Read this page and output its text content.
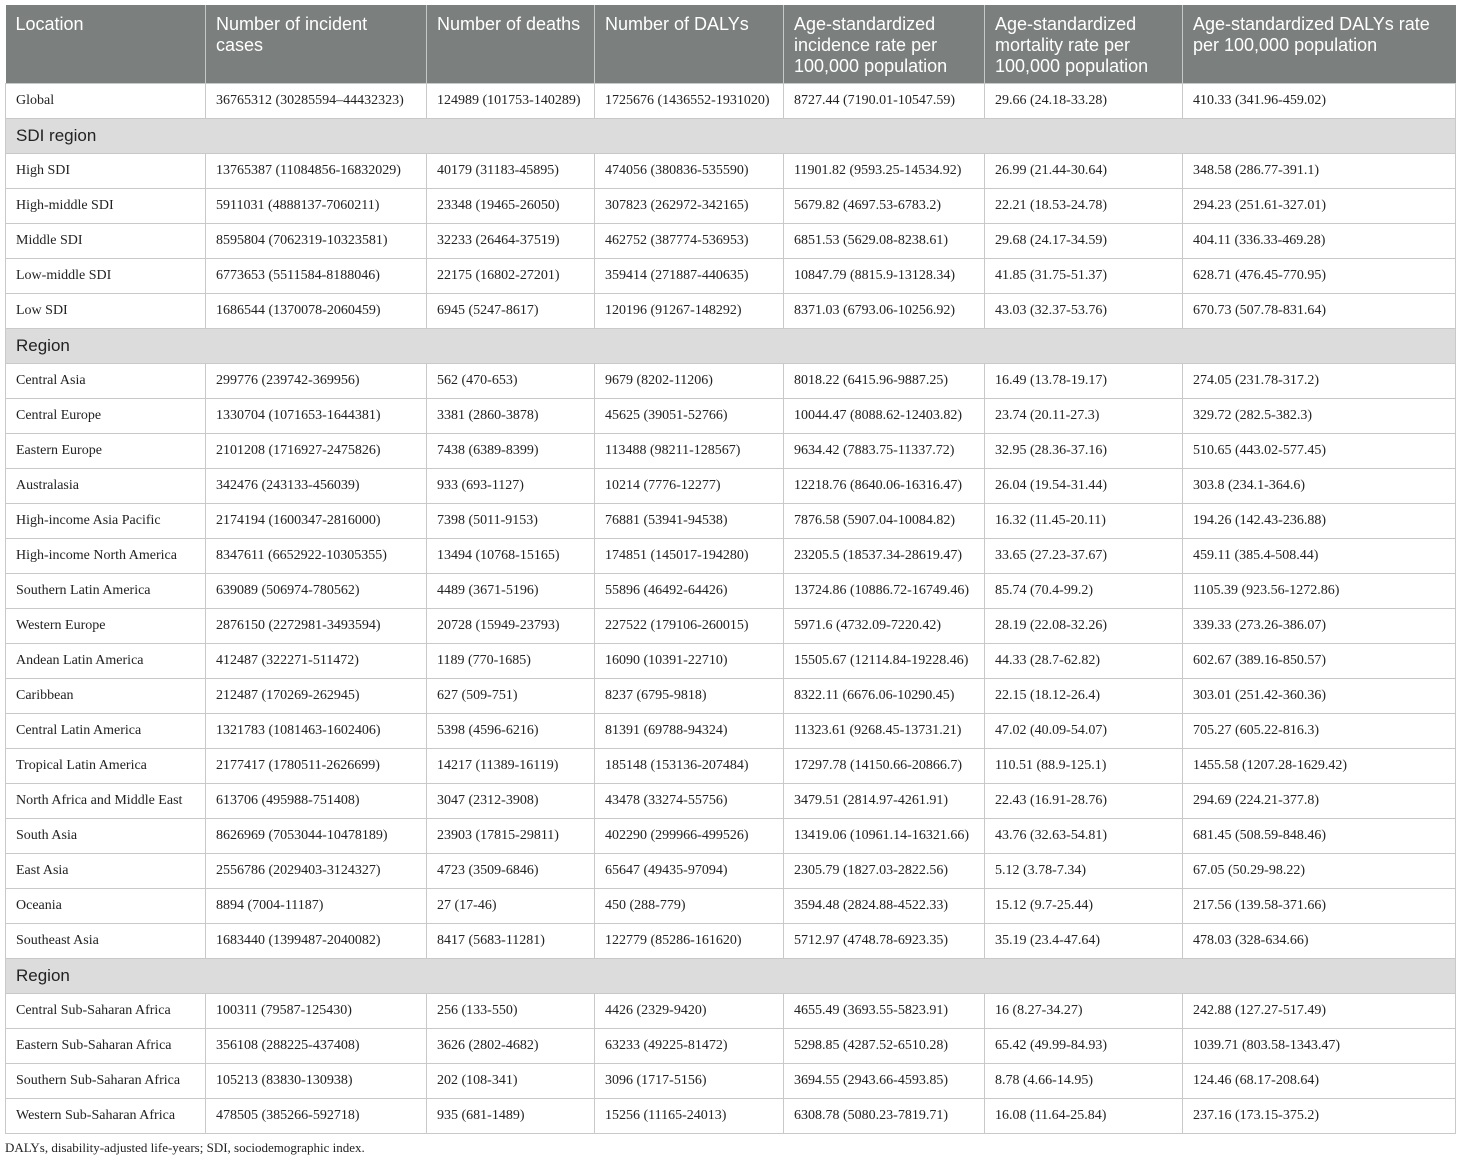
Location	Number of incident cases	Number of deaths	Number of DALYs	Age-standardized incidence rate per 100,000 population	Age-standardized mortality rate per 100,000 population	Age-standardized DALYs rate per 100,000 population
Global	36765312 (30285594–44432323)	124989 (101753-140289)	1725676 (1436552-1931020)	8727.44 (7190.01-10547.59)	29.66 (24.18-33.28)	410.33 (341.96-459.02)
SDI region						
High SDI	13765387 (11084856-16832029)	40179 (31183-45895)	474056 (380836-535590)	11901.82 (9593.25-14534.92)	26.99 (21.44-30.64)	348.58 (286.77-391.1)
High-middle SDI	5911031 (4888137-7060211)	23348 (19465-26050)	307823 (262972-342165)	5679.82 (4697.53-6783.2)	22.21 (18.53-24.78)	294.23 (251.61-327.01)
Middle SDI	8595804 (7062319-10323581)	32233 (26464-37519)	462752 (387774-536953)	6851.53 (5629.08-8238.61)	29.68 (24.17-34.59)	404.11 (336.33-469.28)
Low-middle SDI	6773653 (5511584-8188046)	22175 (16802-27201)	359414 (271887-440635)	10847.79 (8815.9-13128.34)	41.85 (31.75-51.37)	628.71 (476.45-770.95)
Low SDI	1686544 (1370078-2060459)	6945 (5247-8617)	120196 (91267-148292)	8371.03 (6793.06-10256.92)	43.03 (32.37-53.76)	670.73 (507.78-831.64)
Region						
Central Asia	299776 (239742-369956)	562 (470-653)	9679 (8202-11206)	8018.22 (6415.96-9887.25)	16.49 (13.78-19.17)	274.05 (231.78-317.2)
Central Europe	1330704 (1071653-1644381)	3381 (2860-3878)	45625 (39051-52766)	10044.47 (8088.62-12403.82)	23.74 (20.11-27.3)	329.72 (282.5-382.3)
Eastern Europe	2101208 (1716927-2475826)	7438 (6389-8399)	113488 (98211-128567)	9634.42 (7883.75-11337.72)	32.95 (28.36-37.16)	510.65 (443.02-577.45)
Australasia	342476 (243133-456039)	933 (693-1127)	10214 (7776-12277)	12218.76 (8640.06-16316.47)	26.04 (19.54-31.44)	303.8 (234.1-364.6)
High-income Asia Pacific	2174194 (1600347-2816000)	7398 (5011-9153)	76881 (53941-94538)	7876.58 (5907.04-10084.82)	16.32 (11.45-20.11)	194.26 (142.43-236.88)
High-income North America	8347611 (6652922-10305355)	13494 (10768-15165)	174851 (145017-194280)	23205.5 (18537.34-28619.47)	33.65 (27.23-37.67)	459.11 (385.4-508.44)
Southern Latin America	639089 (506974-780562)	4489 (3671-5196)	55896 (46492-64426)	13724.86 (10886.72-16749.46)	85.74 (70.4-99.2)	1105.39 (923.56-1272.86)
Western Europe	2876150 (2272981-3493594)	20728 (15949-23793)	227522 (179106-260015)	5971.6 (4732.09-7220.42)	28.19 (22.08-32.26)	339.33 (273.26-386.07)
Andean Latin America	412487 (322271-511472)	1189 (770-1685)	16090 (10391-22710)	15505.67 (12114.84-19228.46)	44.33 (28.7-62.82)	602.67 (389.16-850.57)
Caribbean	212487 (170269-262945)	627 (509-751)	8237 (6795-9818)	8322.11 (6676.06-10290.45)	22.15 (18.12-26.4)	303.01 (251.42-360.36)
Central Latin America	1321783 (1081463-1602406)	5398 (4596-6216)	81391 (69788-94324)	11323.61 (9268.45-13731.21)	47.02 (40.09-54.07)	705.27 (605.22-816.3)
Tropical Latin America	2177417 (1780511-2626699)	14217 (11389-16119)	185148 (153136-207484)	17297.78 (14150.66-20866.7)	110.51 (88.9-125.1)	1455.58 (1207.28-1629.42)
North Africa and Middle East	613706 (495988-751408)	3047 (2312-3908)	43478 (33274-55756)	3479.51 (2814.97-4261.91)	22.43 (16.91-28.76)	294.69 (224.21-377.8)
South Asia	8626969 (7053044-10478189)	23903 (17815-29811)	402290 (299966-499526)	13419.06 (10961.14-16321.66)	43.76 (32.63-54.81)	681.45 (508.59-848.46)
East Asia	2556786 (2029403-3124327)	4723 (3509-6846)	65647 (49435-97094)	2305.79 (1827.03-2822.56)	5.12 (3.78-7.34)	67.05 (50.29-98.22)
Oceania	8894 (7004-11187)	27 (17-46)	450 (288-779)	3594.48 (2824.88-4522.33)	15.12 (9.7-25.44)	217.56 (139.58-371.66)
Southeast Asia	1683440 (1399487-2040082)	8417 (5683-11281)	122779 (85286-161620)	5712.97 (4748.78-6923.35)	35.19 (23.4-47.64)	478.03 (328-634.66)
Region						
Central Sub-Saharan Africa	100311 (79587-125430)	256 (133-550)	4426 (2329-9420)	4655.49 (3693.55-5823.91)	16 (8.27-34.27)	242.88 (127.27-517.49)
Eastern Sub-Saharan Africa	356108 (288225-437408)	3626 (2802-4682)	63233 (49225-81472)	5298.85 (4287.52-6510.28)	65.42 (49.99-84.93)	1039.71 (803.58-1343.47)
Southern Sub-Saharan Africa	105213 (83830-130938)	202 (108-341)	3096 (1717-5156)	3694.55 (2943.66-4593.85)	8.78 (4.66-14.95)	124.46 (68.17-208.64)
Western Sub-Saharan Africa	478505 (385266-592718)	935 (681-1489)	15256 (11165-24013)	6308.78 (5080.23-7819.71)	16.08 (11.64-25.84)	237.16 (173.15-375.2)
DALYs, disability-adjusted life-years; SDI, sociodemographic index.
